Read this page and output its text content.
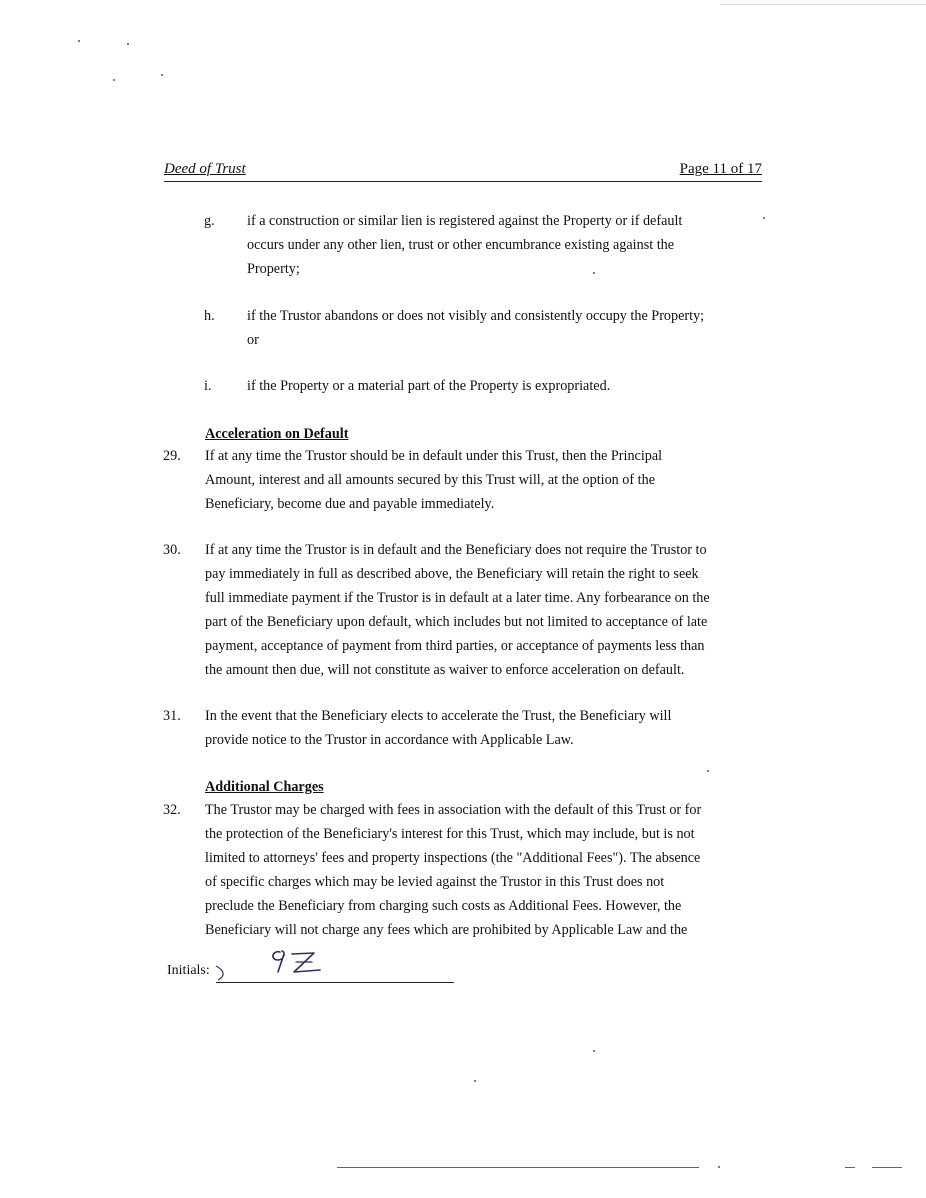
Deed of Trust	Page 11 of 17
g.	if a construction or similar lien is registered against the Property or if default
occurs under any other lien, trust or other encumbrance existing against the
Property;
h.	if the Trustor abandons or does not visibly and consistently occupy the Property;
or
i.	if the Property or a material part of the Property is expropriated.
Acceleration on Default
29.	If at any time the Trustor should be in default under this Trust, then the Principal
Amount, interest and all amounts secured by this Trust will, at the option of the
Beneficiary, become due and payable immediately.
30.	If at any time the Trustor is in default and the Beneficiary does not require the Trustor to
pay immediately in full as described above, the Beneficiary will retain the right to seek
full immediate payment if the Trustor is in default at a later time. Any forbearance on the
part of the Beneficiary upon default, which includes but not limited to acceptance of late
payment, acceptance of payment from third parties, or acceptance of payments less than
the amount then due, will not constitute as waiver to enforce acceleration on default.
31.	In the event that the Beneficiary elects to accelerate the Trust, the Beneficiary will
provide notice to the Trustor in accordance with Applicable Law.
Additional Charges
32.	The Trustor may be charged with fees in association with the default of this Trust or for
the protection of the Beneficiary's interest for this Trust, which may include, but is not
limited to attorneys' fees and property inspections (the "Additional Fees"). The absence
of specific charges which may be levied against the Trustor in this Trust does not
preclude the Beneficiary from charging such costs as Additional Fees. However, the
Beneficiary will not charge any fees which are prohibited by Applicable Law and the
Initials:
